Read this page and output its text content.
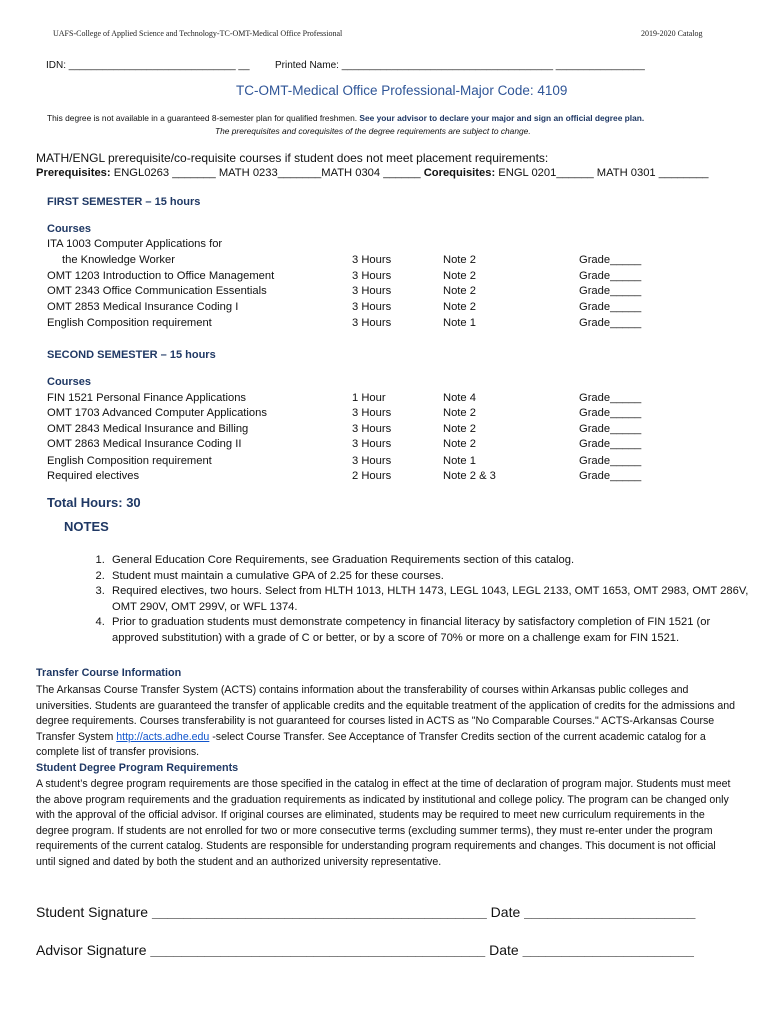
UAFS-College of Applied Science and Technology-TC-OMT-Medical Office Professional	2019-2020 Catalog
IDN: ______________________________ __	Printed Name: ______________________________________ ________________
TC-OMT-Medical Office Professional-Major Code: 4109
This degree is not available in a guaranteed 8-semester plan for qualified freshmen. See your advisor to declare your major and sign an official degree plan.
The prerequisites and corequisites of the degree requirements are subject to change.
MATH/ENGL prerequisite/co-requisite courses if student does not meet placement requirements:
Prerequisites: ENGL0263 _______ MATH 0233_______MATH 0304 ______ Corequisites: ENGL 0201______ MATH 0301 ________
FIRST SEMESTER – 15 hours
Courses
ITA 1003 Computer Applications for
the Knowledge Worker	3 Hours	Note 2	Grade_____
OMT 1203 Introduction to Office Management	3 Hours	Note 2	Grade_____
OMT 2343 Office Communication Essentials	3 Hours	Note 2	Grade_____
OMT 2853 Medical Insurance Coding I	3 Hours	Note 2	Grade_____
English Composition requirement	3 Hours	Note 1	Grade_____
SECOND SEMESTER – 15 hours
Courses
FIN 1521 Personal Finance Applications	1 Hour	Note 4	Grade_____
OMT 1703 Advanced Computer Applications	3 Hours	Note 2	Grade_____
OMT 2843 Medical Insurance and Billing	3 Hours	Note 2	Grade_____
OMT 2863 Medical Insurance Coding II	3 Hours	Note 2	Grade_____
English Composition requirement	3 Hours	Note 1	Grade_____
Required electives	2 Hours	Note 2 & 3	Grade_____
Total Hours: 30
NOTES
1. General Education Core Requirements, see Graduation Requirements section of this catalog.
2. Student must maintain a cumulative GPA of 2.25 for these courses.
3. Required electives, two hours. Select from HLTH 1013, HLTH 1473, LEGL 1043, LEGL 2133, OMT 1653, OMT 2983, OMT 286V, OMT 290V, OMT 299V, or WFL 1374.
4. Prior to graduation students must demonstrate competency in financial literacy by satisfactory completion of FIN 1521 (or approved substitution) with a grade of C or better, or by a score of 70% or more on a challenge exam for FIN 1521.
Transfer Course Information
The Arkansas Course Transfer System (ACTS) contains information about the transferability of courses within Arkansas public colleges and universities. Students are guaranteed the transfer of applicable credits and the equitable treatment of the application of credits for the admissions and degree requirements. Courses transferability is not guaranteed for courses listed in ACTS as "No Comparable Courses." ACTS-Arkansas Course Transfer System http://acts.adhe.edu -select Course Transfer. See Acceptance of Transfer Credits section of the current academic catalog for a complete list of transfer provisions.
Student Degree Program Requirements
A student’s degree program requirements are those specified in the catalog in effect at the time of declaration of program major. Students must meet the above program requirements and the graduation requirements as indicated by institutional and college policy. The program can be changed only with the approval of the official advisor. If original courses are eliminated, students may be required to meet new curriculum requirements in the degree program. If students are not enrolled for two or more consecutive terms (excluding summer terms), they must re-enter under the program requirements of the current catalog. Students are responsible for understanding program requirements and changes. This document is not official until signed and dated by both the student and an authorized university representative.
Student Signature ___________________________________________ Date ______________________
Advisor Signature ___________________________________________ Date ______________________
